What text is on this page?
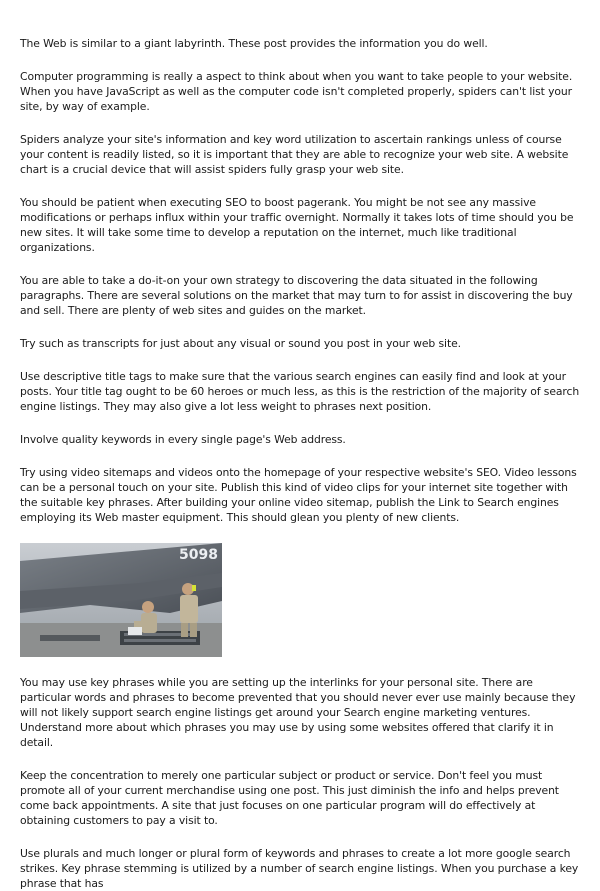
The Web is similar to a giant labyrinth. These post provides the information you do well.

Computer programming is really a aspect to think about when you want to take people to your website. When you have JavaScript as well as the computer code isn't completed properly, spiders can't list your site, by way of example.

Spiders analyze your site's information and key word utilization to ascertain rankings unless of course your content is readily listed, so it is important that they are able to recognize your web site. A website chart is a crucial device that will assist spiders fully grasp your web site.

You should be patient when executing SEO to boost pagerank. You might be not see any massive modifications or perhaps influx within your traffic overnight. Normally it takes lots of time should you be new sites. It will take some time to develop a reputation on the internet, much like traditional organizations.

You are able to take a do-it-on your own strategy to discovering the data situated in the following paragraphs. There are several solutions on the market that may turn to for assist in discovering the buy and sell. There are plenty of web sites and guides on the market.

Try such as transcripts for just about any visual or sound you post in your web site.

Use descriptive title tags to make sure that the various search engines can easily find and look at your posts. Your title tag ought to be 60 heroes or much less, as this is the restriction of the majority of search engine listings. They may also give a lot less weight to phrases next position.

Involve quality keywords in every single page's Web address.

Try using video sitemaps and videos onto the homepage of your respective website's SEO. Video lessons can be a personal touch on your site. Publish this kind of video clips for your internet site together with the suitable key phrases. After building your online video sitemap, publish the Link to Search engines employing its Web master equipment. This should glean you plenty of new clients.

5098

You may use key phrases while you are setting up the interlinks for your personal site. There are particular words and phrases to become prevented that you should never ever use mainly because they will not likely support search engine listings get around your Search engine marketing ventures. Understand more about which phrases you may use by using some websites offered that clarify it in detail.

Keep the concentration to merely one particular subject or product or service. Don't feel you must promote all of your current merchandise using one post. This just diminish the info and helps prevent come back appointments. A site that just focuses on one particular program will do effectively at obtaining customers to pay a visit to.

Use plurals and much longer or plural form of keywords and phrases to create a lot more google search strikes. Key phrase stemming is utilized by a number of search engine listings. When you purchase a key phrase that has
